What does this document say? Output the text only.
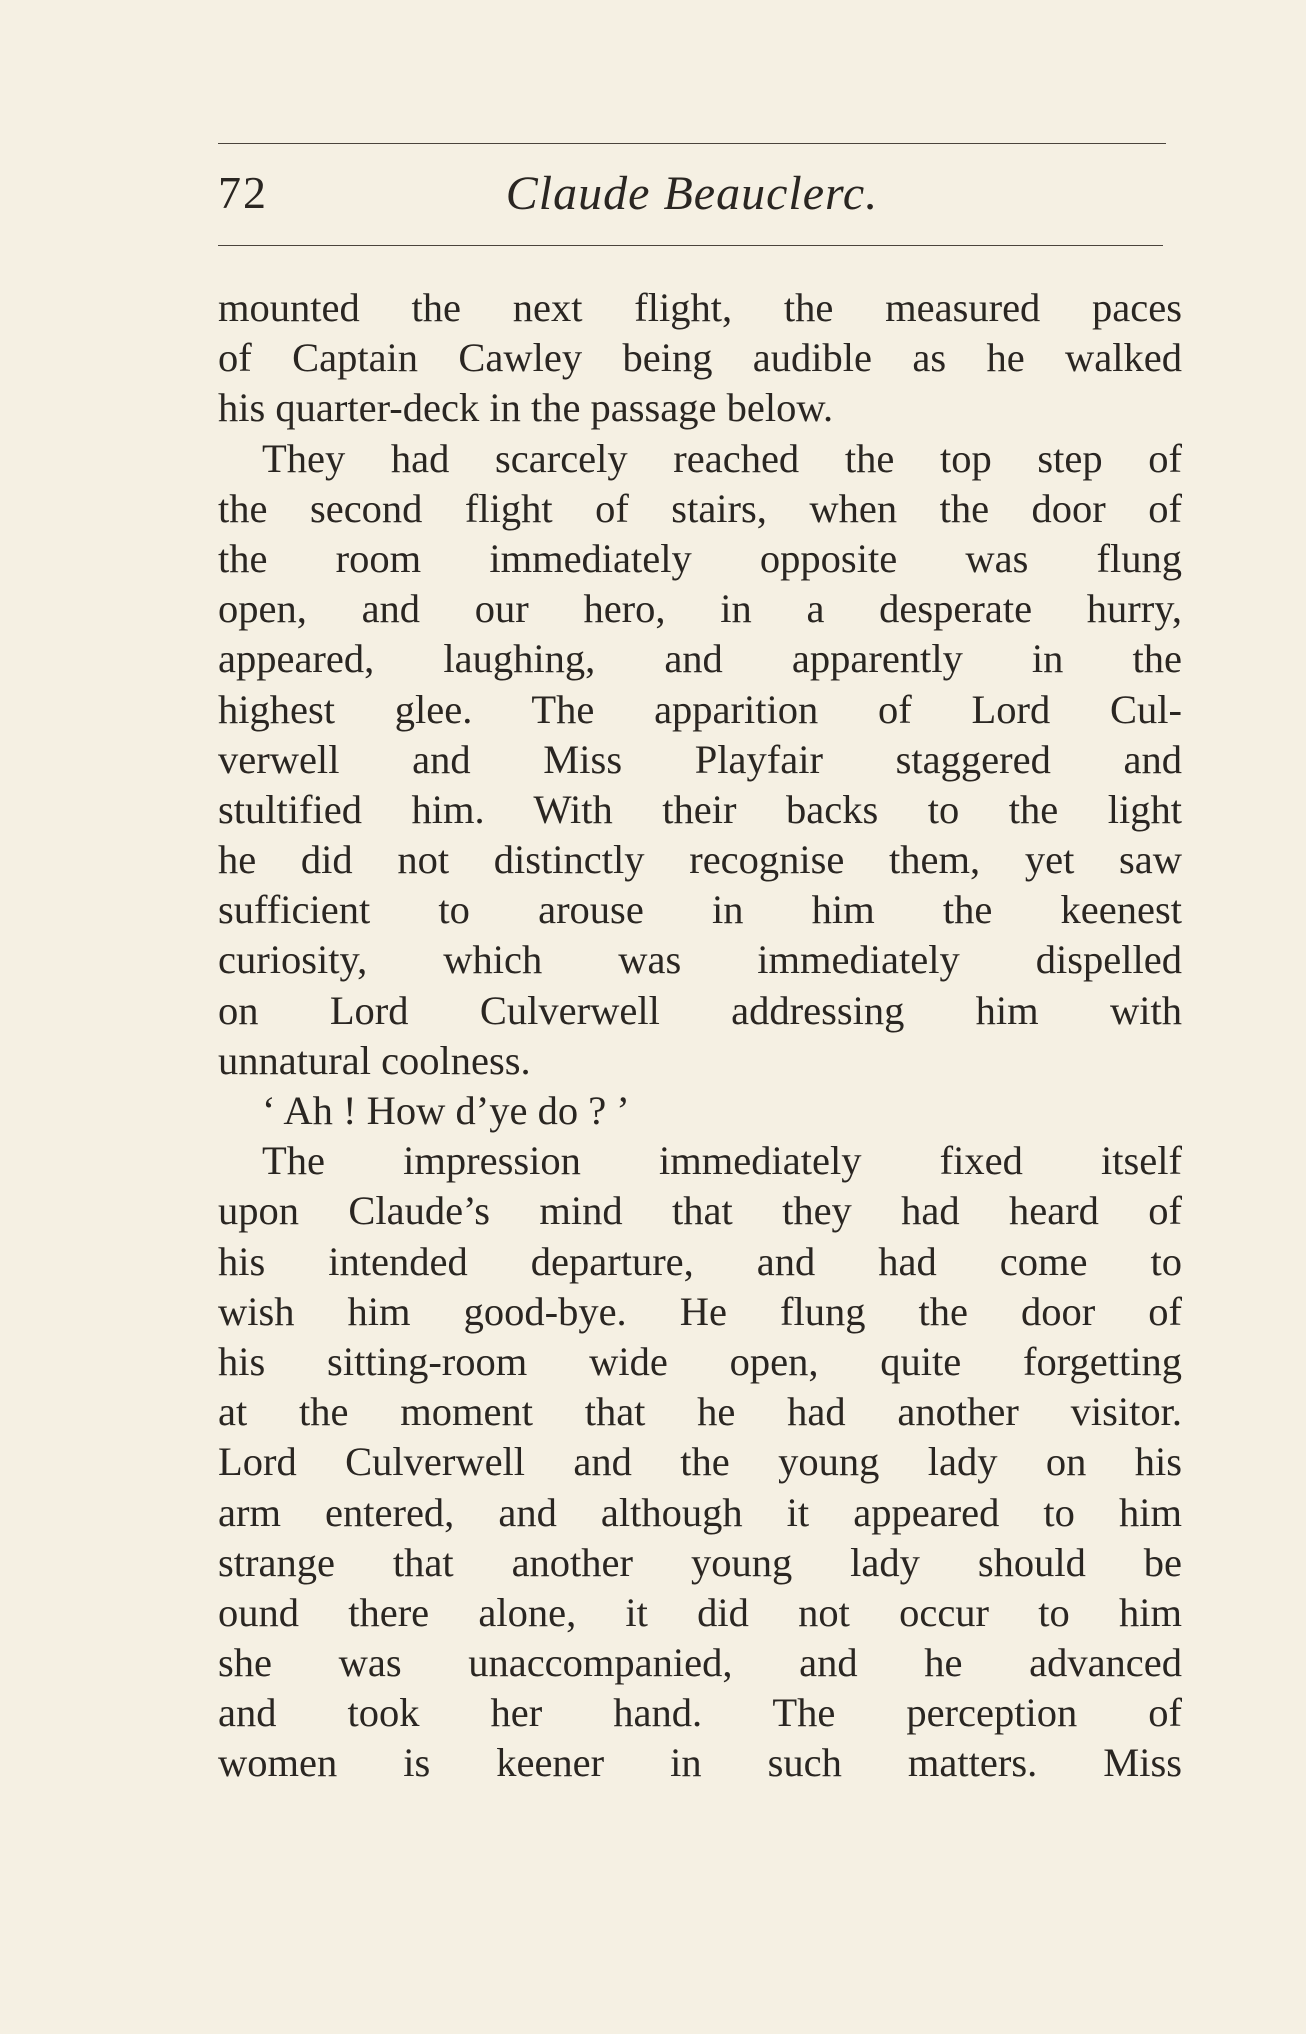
72	Claude Beauclerc.
mounted the next flight, the measured paces
of Captain Cawley being audible as he walked
his quarter-deck in the passage below.
They had scarcely reached the top step of
the second flight of stairs, when the door of
the room immediately opposite was flung
open, and our hero, in a desperate hurry,
appeared, laughing, and apparently in the
highest glee. The apparition of Lord Cul-
verwell and Miss Playfair staggered and
stultified him. With their backs to the light
he did not distinctly recognise them, yet saw
sufficient to arouse in him the keenest
curiosity, which was immediately dispelled
on Lord Culverwell addressing him with
unnatural coolness.
‘ Ah ! How d’ye do ? ’
The impression immediately fixed itself
upon Claude’s mind that they had heard of
his intended departure, and had come to
wish him good-bye. He flung the door of
his sitting-room wide open, quite forgetting
at the moment that he had another visitor.
Lord Culverwell and the young lady on his
arm entered, and although it appeared to him
strange that another young lady should be
ound there alone, it did not occur to him
she was unaccompanied, and he advanced
and took her hand. The perception of
women is keener in such matters. Miss
